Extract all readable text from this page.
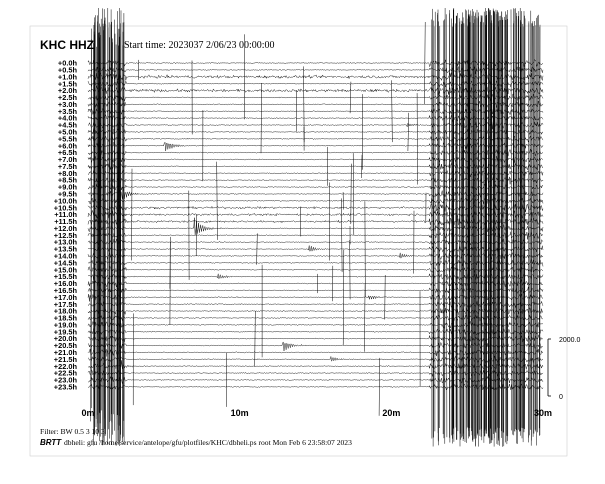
+0.0h
+0.5h
+1.0h
+1.5h
+2.0h
+2.5h
+3.0h
+3.5h
+4.0h
+4.5h
+5.0h
+5.5h
+6.0h
+6.5h
+7.0h
+7.5h
+8.0h
+8.5h
+9.0h
+9.5h
+10.0h
+10.5h
+11.0h
+11.5h
+12.0h
+12.5h
+13.0h
+13.5h
+14.0h
+14.5h
+15.0h
+15.5h
+16.0h
+16.5h
+17.0h
+17.5h
+18.0h
+18.5h
+19.0h
+19.5h
+20.0h
+20.5h
+21.0h
+21.5h
+22.0h
+22.5h
+23.0h
+23.5h
0m	10m	20m	30m
KHC HHZ	Start time: 2023037 2/06/23 00:00:00
2000.0
0
Filter: BW 0.5 3 10 3
BRTT dbheli: gfu /home/service/antelope/gfu/plotfiles/KHC/dbheli.ps root Mon Feb 6 23:58:07 2023
